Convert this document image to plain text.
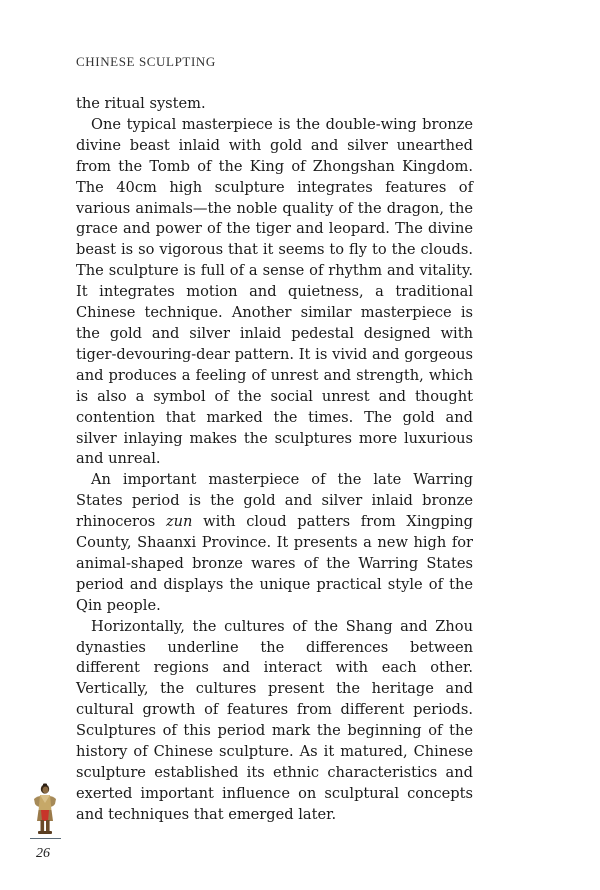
CHINESE SCULPTING

the ritual system.

One typical masterpiece is the double-wing bronze divine beast inlaid with gold and silver unearthed from the Tomb of the King of Zhongshan Kingdom. The 40cm high sculpture integrates features of various animals—the noble quality of the dragon, the grace and power of the tiger and leopard. The divine beast is so vigorous that it seems to fly to the clouds. The sculpture is full of a sense of rhythm and vitality. It integrates motion and quietness, a traditional Chinese technique. Another similar masterpiece is the gold and silver inlaid pedestal designed with tiger-devouring-dear pattern. It is vivid and gorgeous and produces a feeling of unrest and strength, which is also a symbol of the social unrest and thought contention that marked the times. The gold and silver inlaying makes the sculptures more luxurious and unreal.

An important masterpiece of the late Warring States period is the gold and silver inlaid bronze rhinoceros zun with cloud patters from Xingping County, Shaanxi Province. It presents a new high for animal-shaped bronze wares of the Warring States period and displays the unique practical style of the Qin people.

Horizontally, the cultures of the Shang and Zhou dynasties underline the differences between different regions and interact with each other. Vertically, the cultures present the heritage and cultural growth of features from different periods. Sculptures of this period mark the beginning of the history of Chinese sculpture. As it matured, Chinese sculpture established its ethnic characteristics and exerted important influence on sculptural concepts and techniques that emerged later.

26
